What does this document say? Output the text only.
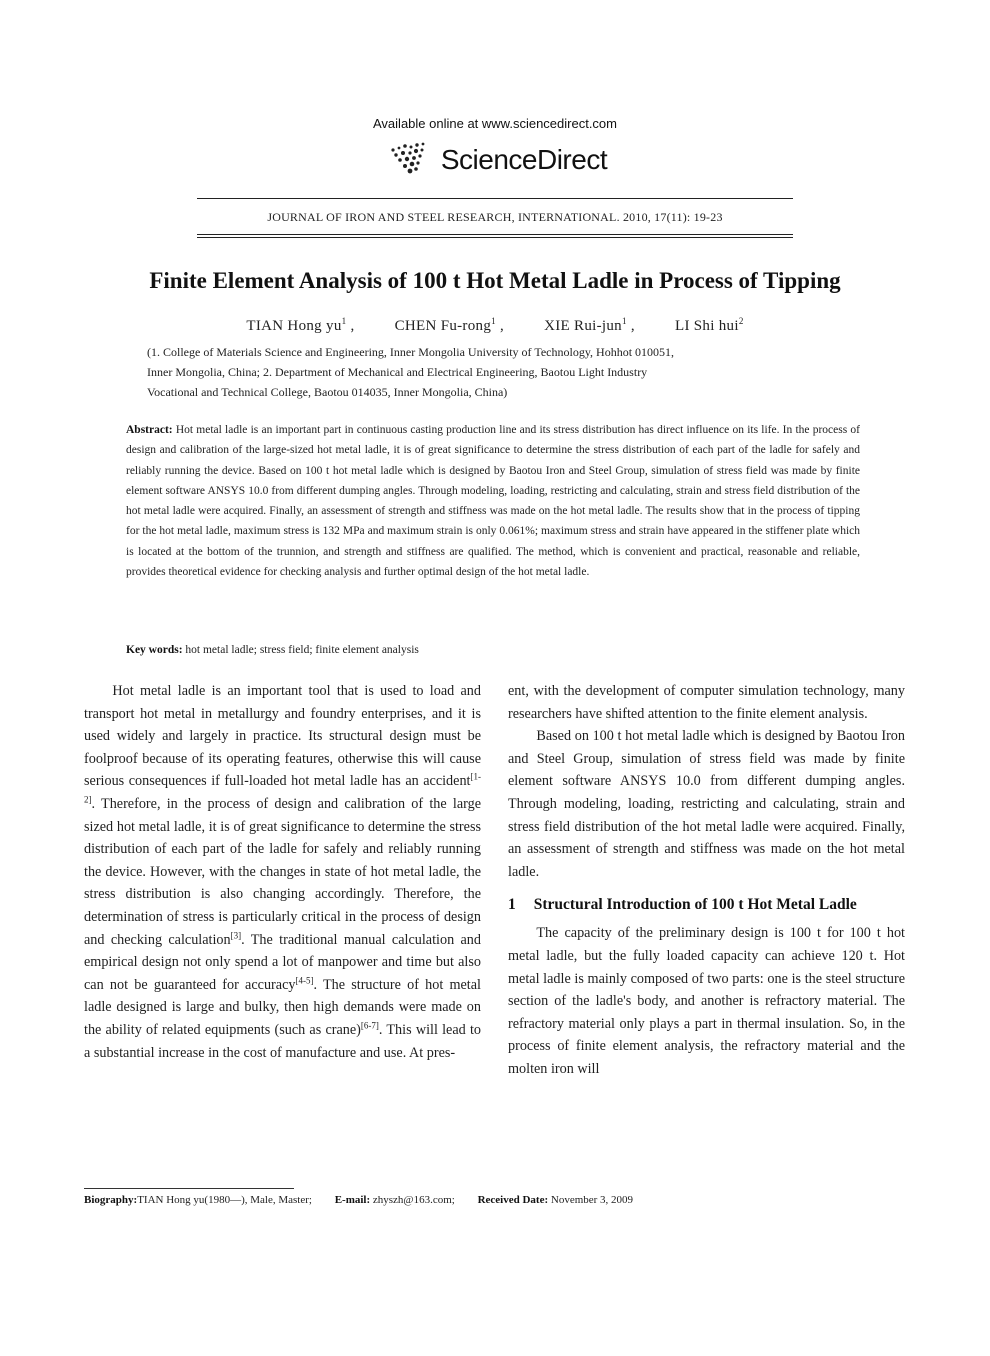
Available online at www.sciencedirect.com
ScienceDirect
JOURNAL OF IRON AND STEEL RESEARCH, INTERNATIONAL. 2010, 17(11): 19-23
Finite Element Analysis of 100 t Hot Metal Ladle in Process of Tipping
TIAN Hong $yu^1$ ,	CHEN Fu-rong$^1$ ,	XIE Rui-jun$^1$ ,	LI Shi hui$^2$
(1. College of Materials Science and Engineering, Inner Mongolia University of Technology, Hohhot 010051,
Inner Mongolia, China; 2. Department of Mechanical and Electrical Engineering, Baotou Light Industry
Vocational and Technical College, Baotou 014035, Inner Mongolia, China)
Abstract: Hot metal ladle is an important part in continuous casting production line and its stress distribution has direct influence on its life. In the process of design and calibration of the large-sized hot metal ladle, it is of great significance to determine the stress distribution of each part of the ladle for safely and reliably running the device. Based on 100 t hot metal ladle which is designed by Baotou Iron and Steel Group, simulation of stress field was made by finite element software ANSYS 10.0 from different dumping angles. Through modeling, loading, restricting and calculating, strain and stress field distribution of the hot metal ladle were acquired. Finally, an assessment of strength and stiffness was made on the hot metal ladle. The results show that in the process of tipping for the hot metal ladle, maximum stress is 132 MPa and maximum strain is only 0.061%; maximum stress and strain have appeared in the stiffener plate which is located at the bottom of the trunnion, and strength and stiffness are qualified. The method, which is convenient and practical, reasonable and reliable, provides theoretical evidence for checking analysis and further optimal design of the hot metal ladle.
Key words: hot metal ladle; stress field; finite element analysis

Hot metal ladle is an important tool that is used to load and transport hot metal in metallurgy and foundry enterprises, and it is used widely and largely in practice. Its structural design must be foolproof because of its operating features, otherwise this will cause serious consequences if full-loaded hot metal ladle has an accident[1-2]. Therefore, in the process of design and calibration of the large sized hot metal ladle, it is of great significance to determine the stress distribution of each part of the ladle for safely and reliably running the device. However, with the changes in state of hot metal ladle, the stress distribution is also changing accordingly. Therefore, the determination of stress is particularly critical in the process of design and checking calculation[3]. The traditional manual calculation and empirical design not only spend a lot of manpower and time but also can not be guaranteed for accuracy[4-5]. The structure of hot metal ladle designed is large and bulky, then high demands were made on the ability of related equipments (such as crane)[6-7]. This will lead to a substantial increase in the cost of manufacture and use. At pres-

ent, with the development of computer simulation technology, many researchers have shifted attention to the finite element analysis.

Based on 100 t hot metal ladle which is designed by Baotou Iron and Steel Group, simulation of stress field was made by finite element software ANSYS 10.0 from different dumping angles. Through modeling, loading, restricting and calculating, strain and stress field distribution of the hot metal ladle were acquired. Finally, an assessment of strength and stiffness was made on the hot metal ladle.

1 Structural Introduction of 100 t Hot Metal Ladle

The capacity of the preliminary design is 100 t for 100 t hot metal ladle, but the fully loaded capacity can achieve 120 t. Hot metal ladle is mainly composed of two parts: one is the steel structure section of the ladle's body, and another is refractory material. The refractory material only plays a part in thermal insulation. So, in the process of finite element analysis, the refractory material and the molten iron will

Biography:TIAN Hong yu(1980—), Male, Master; E-mail: zhyszh@163.com; Received Date: November 3, 2009
